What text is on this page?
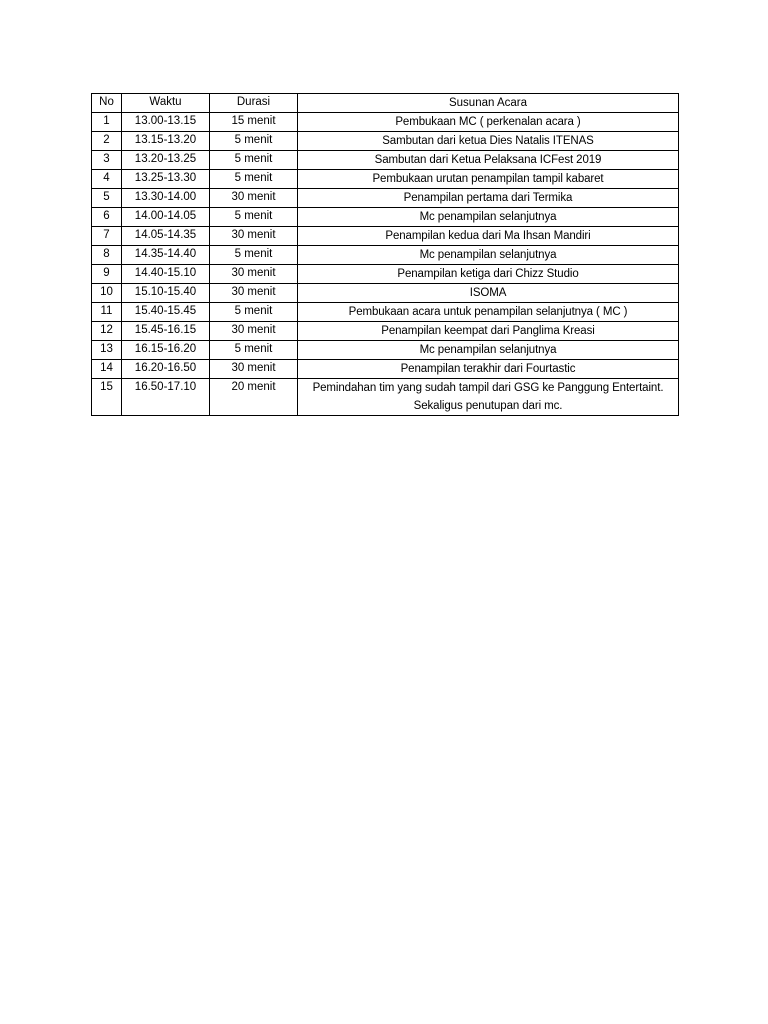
No	Waktu	Durasi	Susunan Acara
1	13.00-13.15	15 menit	Pembukaan MC ( perkenalan acara )
2	13.15-13.20	5 menit	Sambutan dari ketua Dies Natalis ITENAS
3	13.20-13.25	5 menit	Sambutan dari Ketua Pelaksana ICFest 2019
4	13.25-13.30	5 menit	Pembukaan urutan penampilan tampil kabaret
5	13.30-14.00	30 menit	Penampilan pertama dari Termika
6	14.00-14.05	5 menit	Mc penampilan selanjutnya
7	14.05-14.35	30 menit	Penampilan kedua dari Ma Ihsan Mandiri
8	14.35-14.40	5 menit	Mc penampilan selanjutnya
9	14.40-15.10	30 menit	Penampilan ketiga dari Chizz Studio
10	15.10-15.40	30 menit	ISOMA
11	15.40-15.45	5 menit	Pembukaan acara untuk penampilan selanjutnya ( MC )
12	15.45-16.15	30 menit	Penampilan keempat dari Panglima Kreasi
13	16.15-16.20	5 menit	Mc penampilan selanjutnya
14	16.20-16.50	30 menit	Penampilan terakhir dari Fourtastic
15	16.50-17.10	20 menit	Pemindahan tim yang sudah tampil dari GSG ke Panggung Entertaint. Sekaligus penutupan dari mc.
